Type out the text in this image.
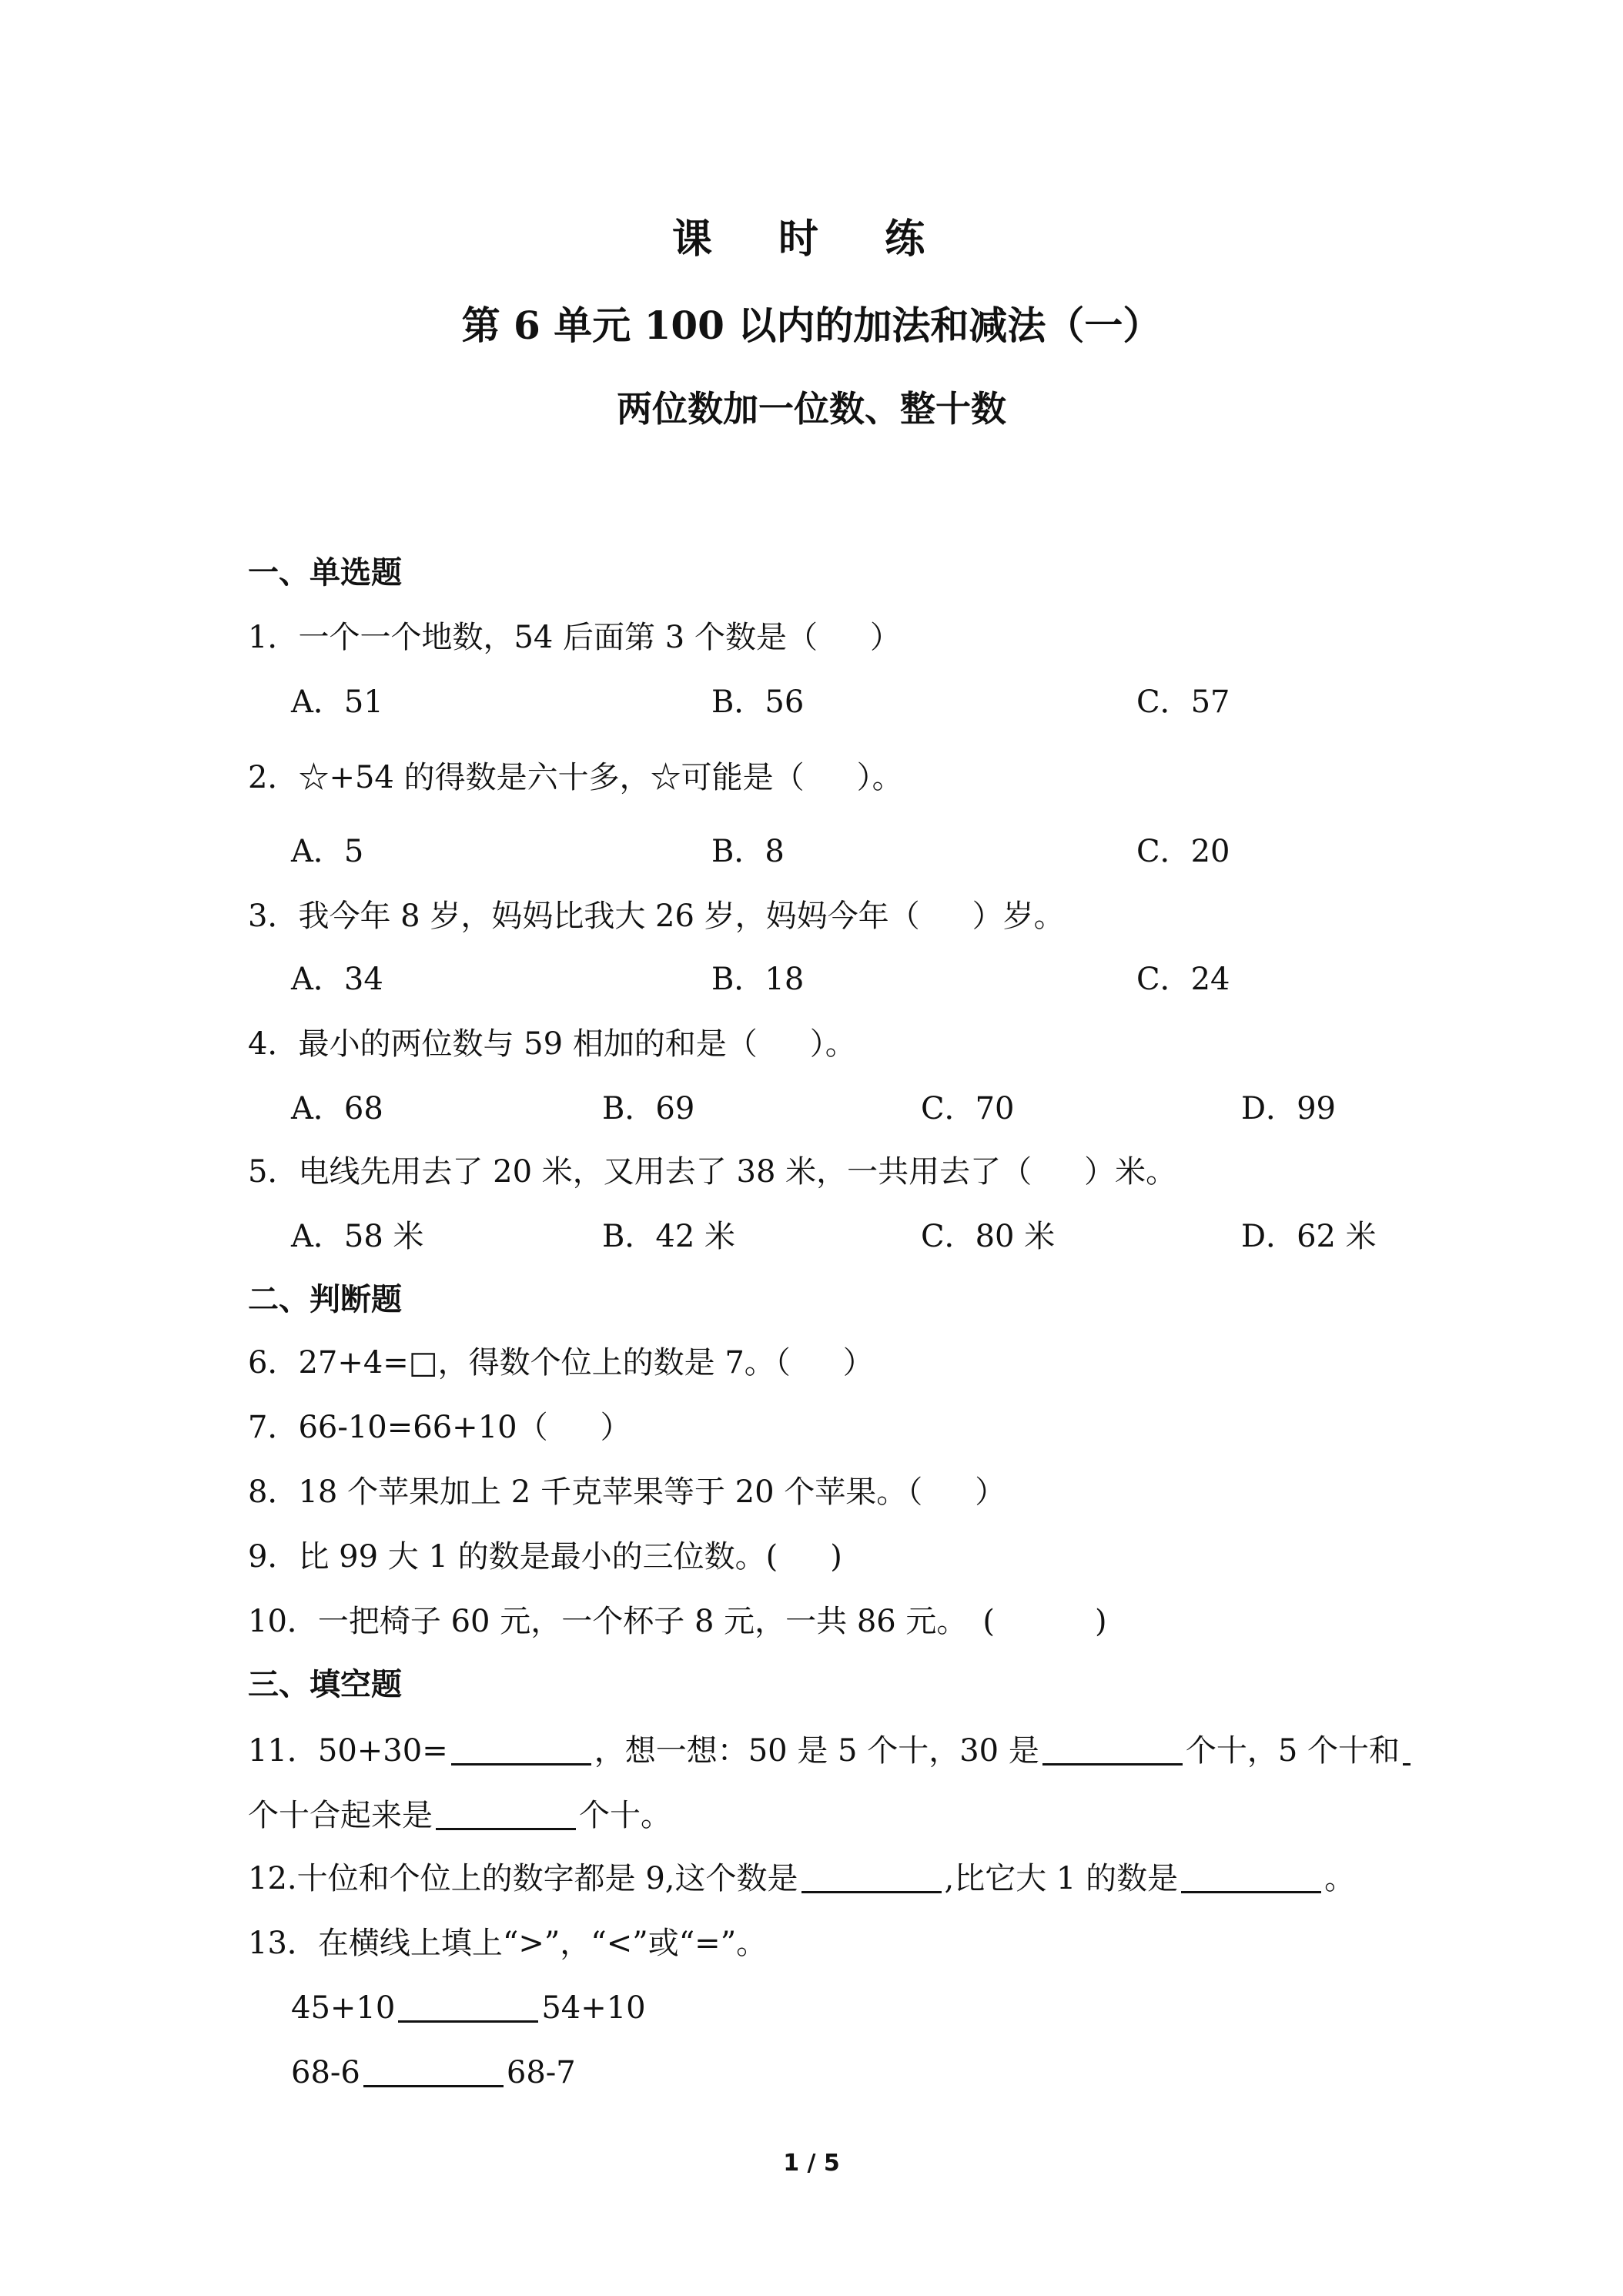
课 时 练
第 6 单元 100 以内的加法和减法（一）
两位数加一位数、整十数
一、单选题
1．一个一个地数，54 后面第 3 个数是（ ）
A．51	B．56	C．57
2．☆+54 的得数是六十多，☆可能是（ ）。
A．5	B．8	C．20
3．我今年 8 岁，妈妈比我大 26 岁，妈妈今年（ ）岁。
A．34	B．18	C．24
4．最小的两位数与 59 相加的和是（ ）。
A．68	B．69	C．70	D．99
5．电线先用去了 20 米，又用去了 38 米，一共用去了（ ）米。
A．58 米	B．42 米	C．80 米	D．62 米
二、判断题
6．27+4=□，得数个位上的数是 7。（ ）
7．66-10=66+10（ ）
8．18 个苹果加上 2 千克苹果等于 20 个苹果。（ ）
9．比 99 大 1 的数是最小的三位数。( )
10．一把椅子 60 元，一个杯子 8 元，一共 86 元。　(	)
三、填空题
11．50+30=	，想一想：50 是 5 个十，30 是	个十，5 个十和
个十合起来是	个十。
12.十位和个位上的数字都是 9,这个数是	,比它大 1 的数是	。
13．在横线上填上“>”，“<”或“=”。
45+10	54+10
68-6	68-7
1 / 5
